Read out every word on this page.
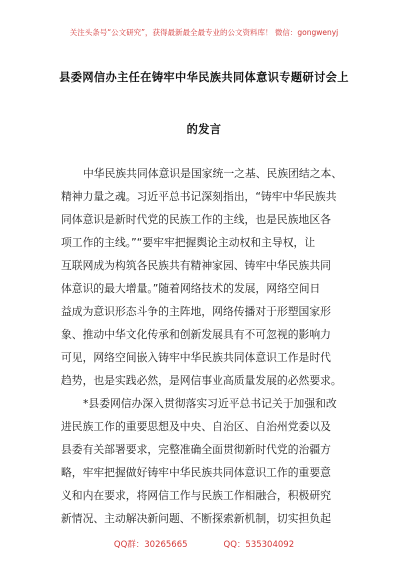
关注头条号“公文研究”，获得最新最全最专业的公文资料库！ 微信：gongwenyj
县委网信办主任在铸牢中华民族共同体意识专题研讨会上
的发言
中华民族共同体意识是国家统一之基、民族团结之本、
精神力量之魂。习近平总书记深刻指出，“铸牢中华民族共
同体意识是新时代党的民族工作的主线，也是民族地区各
项工作的主线。”“要牢牢把握舆论主动权和主导权，让
互联网成为构筑各民族共有精神家园、铸牢中华民族共同
体意识的最大增量。”随着网络技术的发展，网络空间日
益成为意识形态斗争的主阵地，网络传播对于形塑国家形
象、推动中华文化传承和创新发展具有不可忽视的影响力
可见，网络空间嵌入铸牢中华民族共同体意识工作是时代
趋势，也是实践必然，是网信事业高质量发展的必然要求。
*县委网信办深入贯彻落实习近平总书记关于加强和改
进民族工作的重要思想及中央、自治区、自治州党委以及
县委有关部署要求，完整准确全面贯彻新时代党的治疆方
略，牢牢把握做好铸牢中华民族共同体意识工作的重要意
义和内在要求，将网信工作与民族工作相融合，积极研究
新情况、主动解决新问题、不断探索新机制，切实担负起
QQ群：30265665	QQ：535304092
